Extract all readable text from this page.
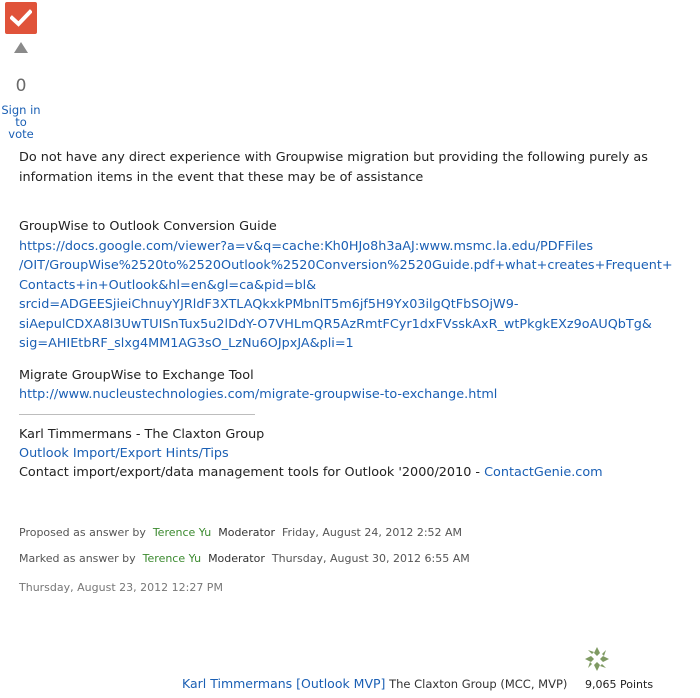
0
Sign in
to vote
Do not have any direct experience with Groupwise migration but providing the following purely as information items in the event that these may be of assistance
GroupWise to Outlook Conversion Guide
https://docs.google.com/viewer?a=v&q=cache:Kh0HJo8h3aAJ:www.msmc.la.edu/PDFFiles
/OIT/GroupWise%2520to%2520Outlook%2520Conversion%2520Guide.pdf+what+creates+Frequent+
Contacts+in+Outlook&hl=en&gl=ca&pid=bl&
srcid=ADGEESjieiChnuyYJRldF3XTLAQkxkPMbnlT5m6jf5H9Yx03ilgQtFbSOjW9-
siAepulCDXA8l3UwTUISnTux5u2lDdY-O7VHLmQR5AzRmtFCyr1dxFVsskAxR_wtPkgkEXz9oAUQbTg&
sig=AHIEtbRF_slxg4MM1AG3sO_LzNu6OJpxJA&pli=1
Migrate GroupWise to Exchange Tool
http://www.nucleustechnologies.com/migrate-groupwise-to-exchange.html
Karl Timmermans - The Claxton Group
Outlook Import/Export Hints/Tips
Contact import/export/data management tools for Outlook '2000/2010 - ContactGenie.com
Proposed as answer by Terence Yu Moderator Friday, August 24, 2012 2:52 AM
Marked as answer by Terence Yu Moderator Thursday, August 30, 2012 6:55 AM
Thursday, August 23, 2012 12:27 PM
Karl Timmermans [Outlook MVP] The Claxton Group (MCC, MVP) 9,065 Points
